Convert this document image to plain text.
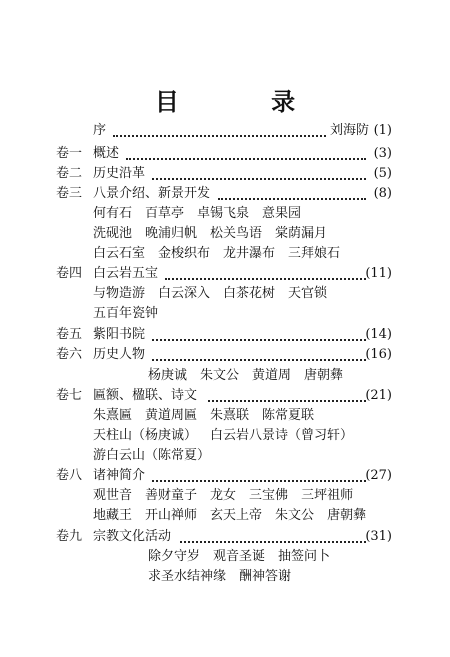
目 录
序	刘海防 (1)
卷一 概述	(3)
卷二 历史沿革	(5)
卷三 八景介绍、新景开发	(8)
何有石 百草亭 卓锡飞泉 意果园
洗砚池 晚浦归帆 松关鸟语 棠荫漏月
白云石室 金梭织布 龙井瀑布 三拜娘石
卷四 白云岩五宝	(11)
与物造游 白云深入 白茶花树 天官锁
五百年瓷钟
卷五 紫阳书院	(14)
卷六 历史人物	(16)
杨庚诚 朱文公 黄道周 唐朝彝
卷七 匾额、楹联、诗文	(21)
朱熹匾 黄道周匾 朱熹联 陈常夏联
天柱山（杨庚诚） 白云岩八景诗（曾习轩）
游白云山（陈常夏）
卷八 诸神简介	(27)
观世音 善财童子 龙女 三宝佛 三坪祖师
地藏王 开山禅师 玄天上帝 朱文公 唐朝彝
卷九 宗教文化活动	(31)
除夕守岁 观音圣诞 抽签问卜
求圣水结神缘 酬神答谢
